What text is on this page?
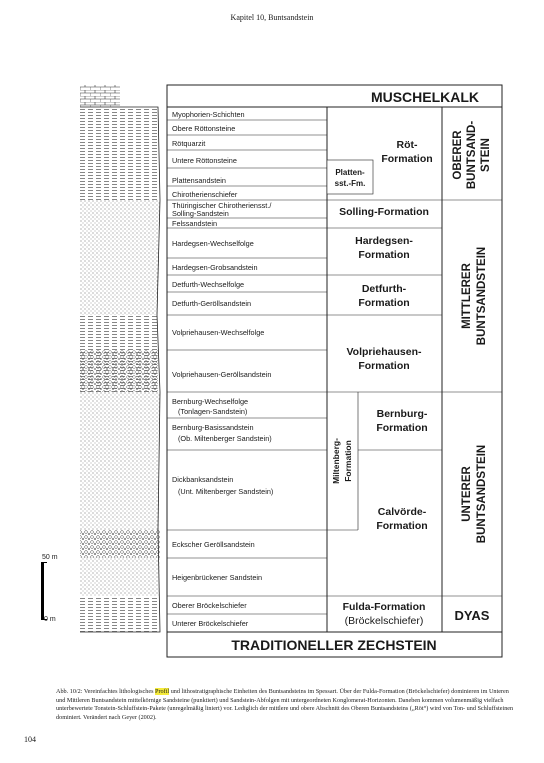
Kapitel 10, Buntsandstein
MUSCHELKALK
TRADITIONELLER ZECHSTEIN
Myophorien-Schichten
Obere Röttonsteine
Rötquarzit
Untere Röttonsteine
Plattensandstein
Chirotherienschiefer
Thüringischer Chirotheriensst./
Solling-Sandstein
Felssandstein
Hardegsen-Wechselfolge
Hardegsen-Grobsandstein
Detfurth-Wechselfolge
Detfurth-Geröllsandstein
Volpriehausen-Wechselfolge
Volpriehausen-Geröllsandstein
Bernburg-Wechselfolge
(Tonlagen-Sandstein)
Bernburg-Basissandstein
(Ob. Miltenberger Sandstein)
Dickbanksandstein
(Unt. Miltenberger Sandstein)
Eckscher Geröllsandstein
Heigenbrückener Sandstein
Oberer Bröckelschiefer
Unterer Bröckelschiefer
Röt-
Formation
Platten-
sst.-Fm.
Solling-Formation
Hardegsen-
Formation
Detfurth-
Formation
Volpriehausen-
Formation
Bernburg-
Formation
Calvörde-
Formation
Fulda-Formation
(Bröckelschiefer)
Miltenberg- Formation
OBERER BUNTSAND- STEIN
MITTLERER BUNTSANDSTEIN
UNTERER BUNTSANDSTEIN
DYAS
50 m
0 m
Abb. 10/2: Vereinfachtes lithologisches Profil und lithostratigraphische Einheiten des Buntsandsteins im Spessart. Über der Fulda-Formation (Bröckelschiefer) dominieren im Unteren und Mittleren Buntsandstein mittelkörnige Sandsteine (punktiert) und Sandstein-Abfolgen mit untergeordneten Konglomerat-Horizonten. Daneben kommen volumenmäßig vielfach unterbewertete Tonstein-Schluffstein-Pakete (unregelmäßig liniert) vor. Lediglich der mittlere und obere Abschnitt des Oberen Buntsandsteins („Röt“) wird von Ton- und Schluffsteinen dominiert. Verändert nach Geyer (2002).
104
